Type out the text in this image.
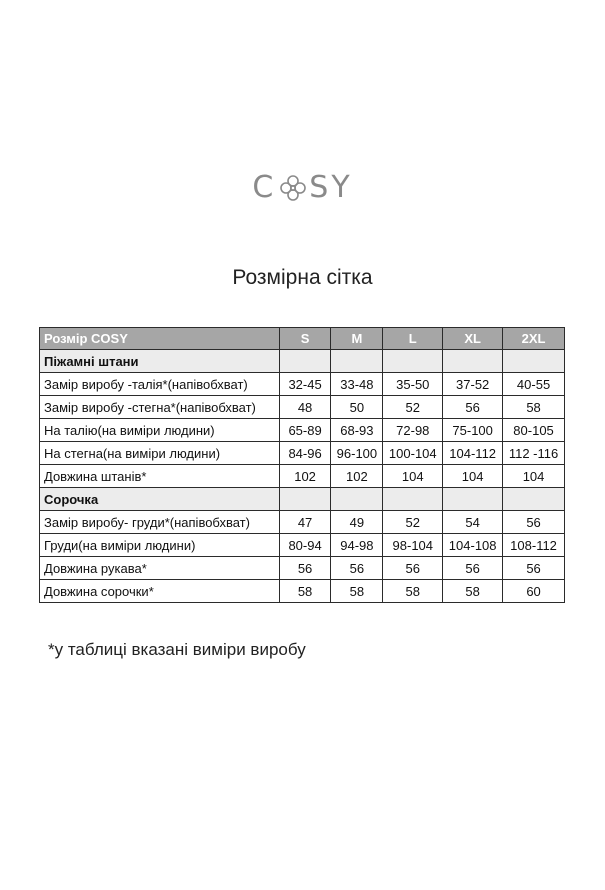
C SY
Розмірна сітка
Розмір COSY	S	M	L	XL	2XL
Піжамні штани					
Замір виробу -талія*(напівобхват)	32-45	33-48	35-50	37-52	40-55
Замір виробу -стегна*(напівобхват)	48	50	52	56	58
На талію(на виміри людини)	65-89	68-93	72-98	75-100	80-105
На стегна(на виміри людини)	84-96	96-100	100-104	104-112	112 -116
Довжина штанів*	102	102	104	104	104
Сорочка					
Замір виробу- груди*(напівобхват)	47	49	52	54	56
Груди(на виміри людини)	80-94	94-98	98-104	104-108	108-112
Довжина рукава*	56	56	56	56	56
Довжина сорочки*	58	58	58	58	60
*у таблиці вказані виміри виробу
